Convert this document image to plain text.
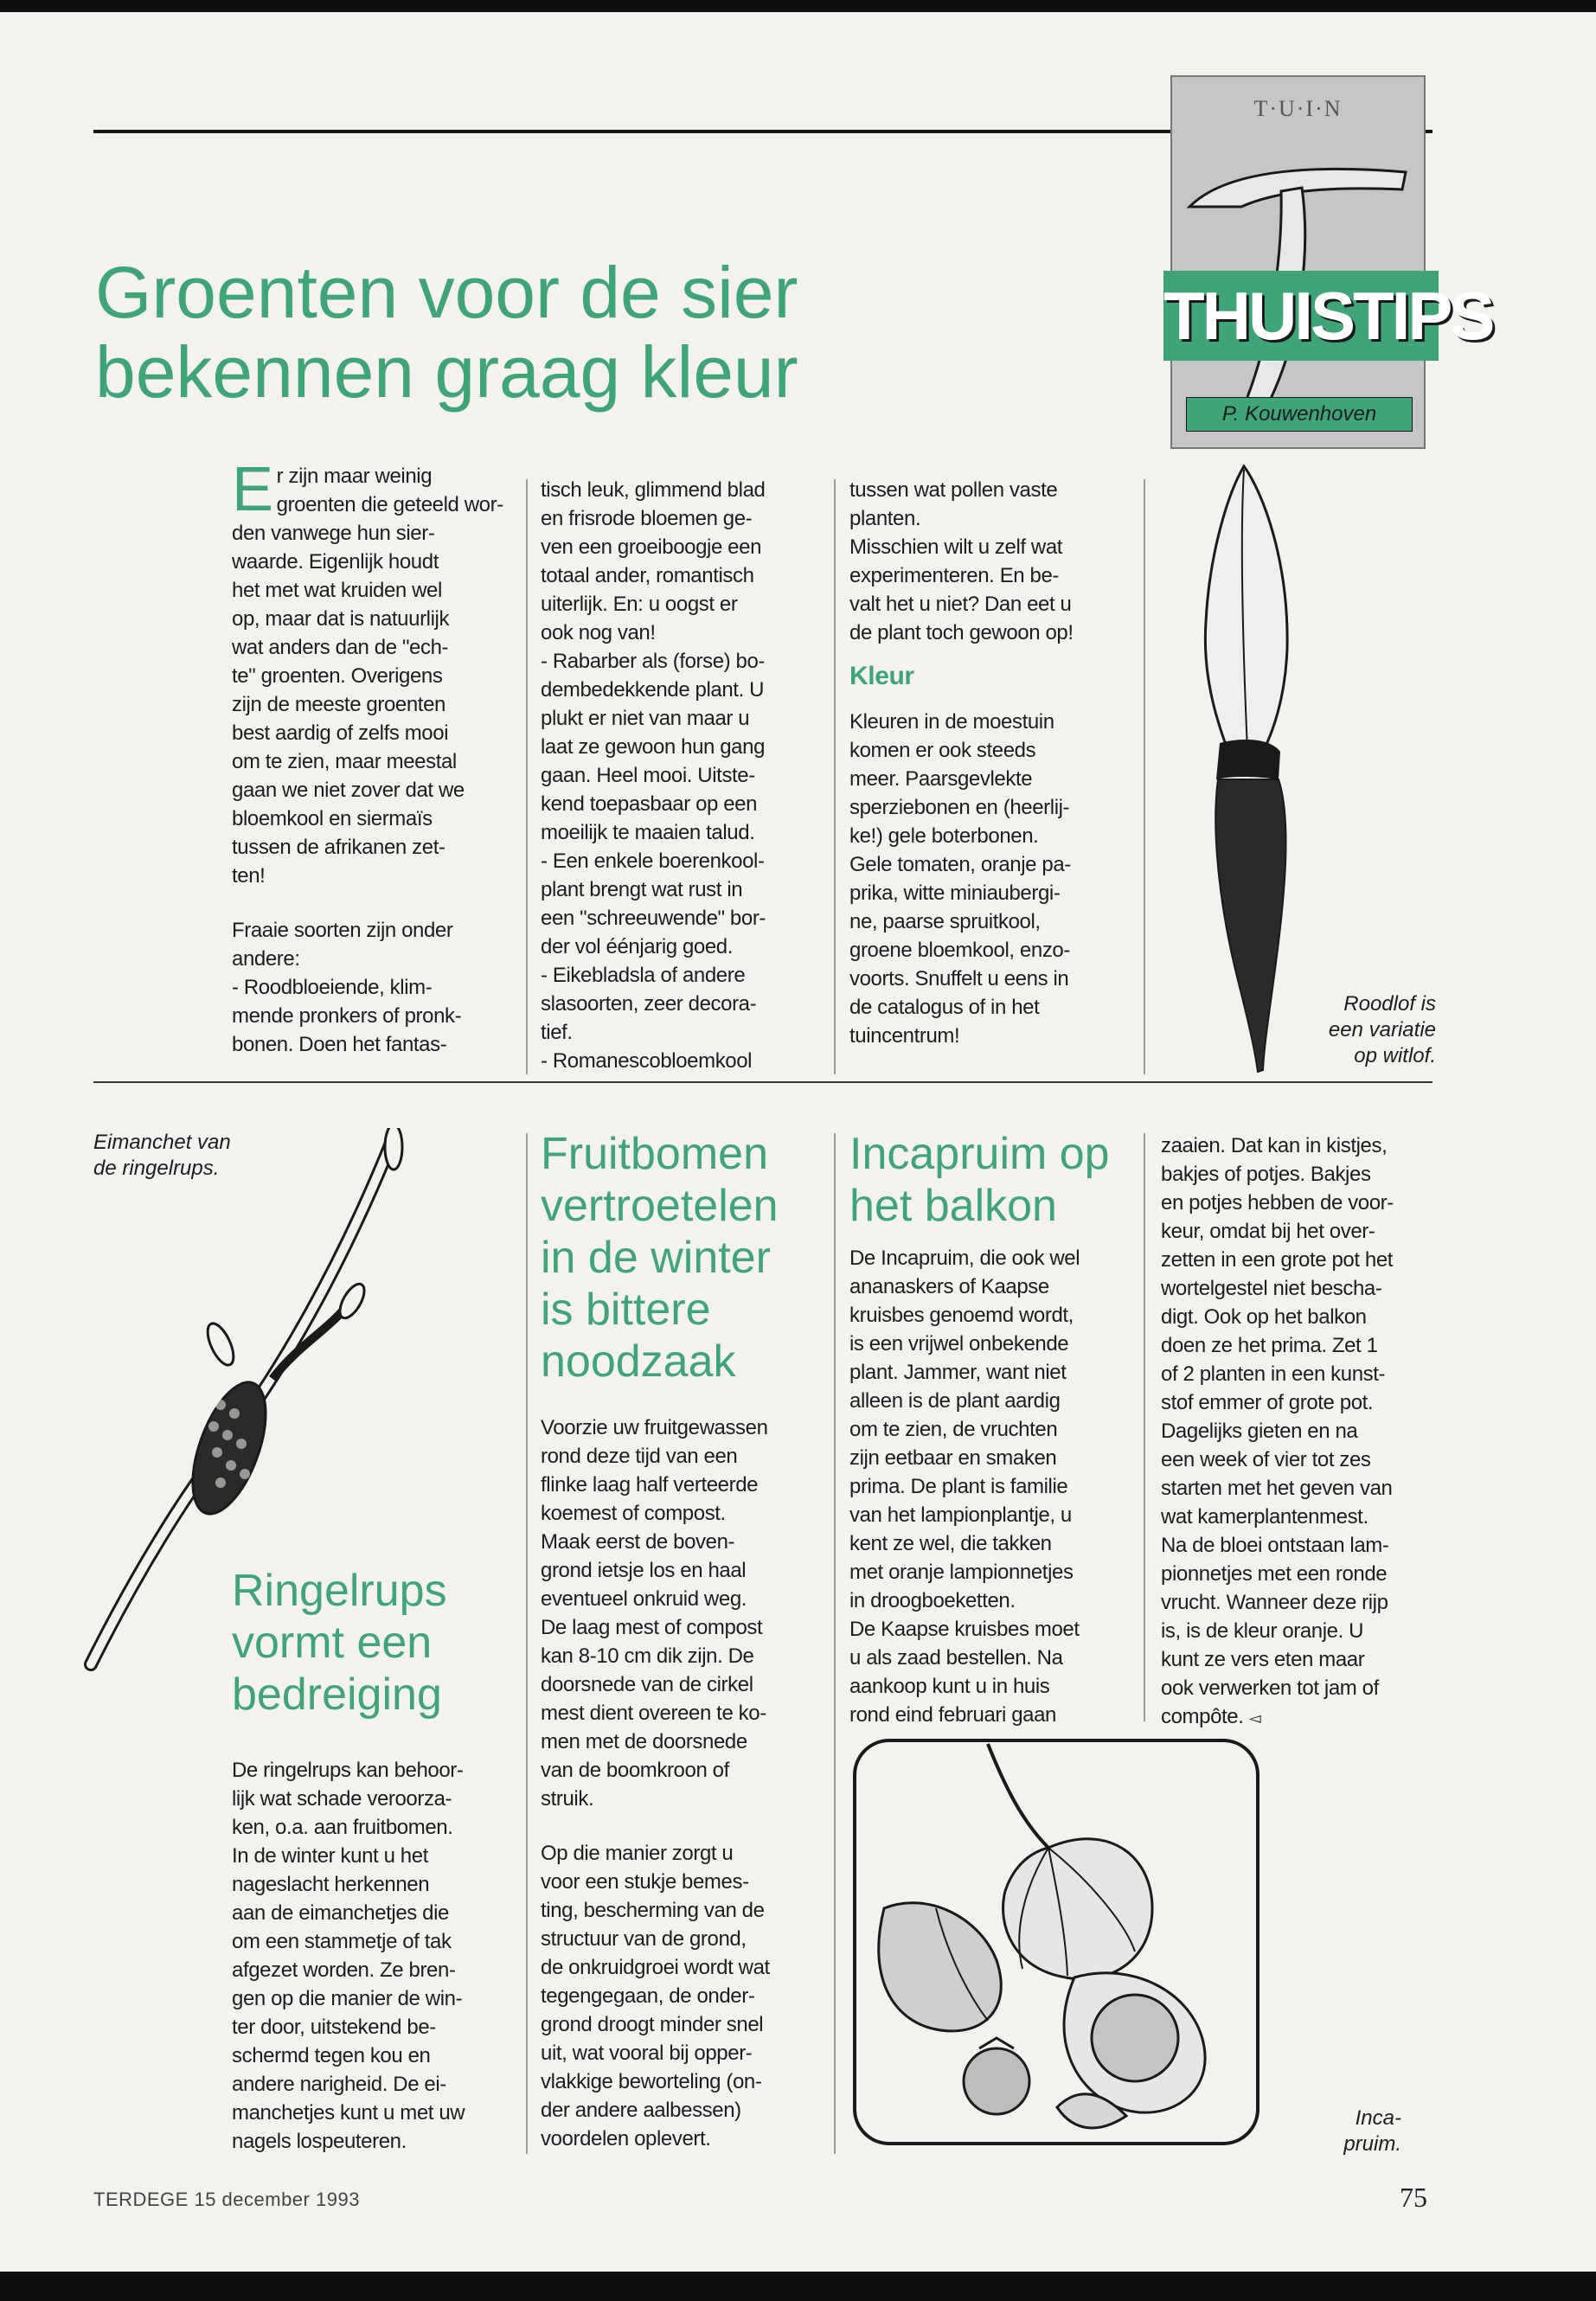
T·U·I·N
THUISTIPS
P. Kouwenhoven
Groenten voor de sier
bekennen graag kleur

Er zijn maar weinig
groenten die geteeld wor-
den vanwege hun sier-
waarde. Eigenlijk houdt
het met wat kruiden wel
op, maar dat is natuurlijk
wat anders dan de "ech-
te" groenten. Overigens
zijn de meeste groenten
best aardig of zelfs mooi
om te zien, maar meestal
gaan we niet zover dat we
bloemkool en siermaïs
tussen de afrikanen zet-
ten!

Fraaie soorten zijn onder
andere:
- Roodbloeiende, klim-
mende pronkers of pronk-
bonen. Doen het fantas-

tisch leuk, glimmend blad
en frisrode bloemen ge-
ven een groeiboogje een
totaal ander, romantisch
uiterlijk. En: u oogst er
ook nog van!
- Rabarber als (forse) bo-
dembedekkende plant. U
plukt er niet van maar u
laat ze gewoon hun gang
gaan. Heel mooi. Uitste-
kend toepasbaar op een
moeilijk te maaien talud.
- Een enkele boerenkool-
plant brengt wat rust in
een "schreeuwende" bor-
der vol éénjarig goed.
- Eikebladsla of andere
slasoorten, zeer decora-
tief.
- Romanescobloemkool

tussen wat pollen vaste
planten.
Misschien wilt u zelf wat
experimenteren. En be-
valt het u niet? Dan eet u
de plant toch gewoon op!

Kleur

Kleuren in de moestuin
komen er ook steeds
meer. Paarsgevlekte
sperziebonen en (heerlij-
ke!) gele boterbonen.
Gele tomaten, oranje pa-
prika, witte miniaubergi-
ne, paarse spruitkool,
groene bloemkool, enzo-
voorts. Snuffelt u eens in
de catalogus of in het
tuincentrum!

Roodlof is
een variatie
op witlof.
Eimanchet van
de ringelrups.
Ringelrups
vormt een
bedreiging

De ringelrups kan behoor-
lijk wat schade veroorza-
ken, o.a. aan fruitbomen.
In de winter kunt u het
nageslacht herkennen
aan de eimanchetjes die
om een stammetje of tak
afgezet worden. Ze bren-
gen op die manier de win-
ter door, uitstekend be-
schermd tegen kou en
andere narigheid. De ei-
manchetjes kunt u met uw
nagels lospeuteren.

Fruitbomen
vertroetelen
in de winter
is bittere
noodzaak

Voorzie uw fruitgewassen
rond deze tijd van een
flinke laag half verteerde
koemest of compost.
Maak eerst de boven-
grond ietsje los en haal
eventueel onkruid weg.
De laag mest of compost
kan 8-10 cm dik zijn. De
doorsnede van de cirkel
mest dient overeen te ko-
men met de doorsnede
van de boomkroon of
struik.

Op die manier zorgt u
voor een stukje bemes-
ting, bescherming van de
structuur van de grond,
de onkruidgroei wordt wat
tegengegaan, de onder-
grond droogt minder snel
uit, wat vooral bij opper-
vlakkige beworteling (on-
der andere aalbessen)
voordelen oplevert.

Incapruim op
het balkon

De Incapruim, die ook wel
ananaskers of Kaapse
kruisbes genoemd wordt,
is een vrijwel onbekende
plant. Jammer, want niet
alleen is de plant aardig
om te zien, de vruchten
zijn eetbaar en smaken
prima. De plant is familie
van het lampionplantje, u
kent ze wel, die takken
met oranje lampionnetjes
in droogboeketten.
De Kaapse kruisbes moet
u als zaad bestellen. Na
aankoop kunt u in huis
rond eind februari gaan

zaaien. Dat kan in kistjes,
bakjes of potjes. Bakjes
en potjes hebben de voor-
keur, omdat bij het over-
zetten in een grote pot het
wortelgestel niet bescha-
digt. Ook op het balkon
doen ze het prima. Zet 1
of 2 planten in een kunst-
stof emmer of grote pot.
Dagelijks gieten en na
een week of vier tot zes
starten met het geven van
wat kamerplantenmest.
Na de bloei ontstaan lam-
pionnetjes met een ronde
vrucht. Wanneer deze rijp
is, is de kleur oranje. U
kunt ze vers eten maar
ook verwerken tot jam of
compôte. ◅

Inca-
pruim.
TERDEGE 15 december 1993	75
